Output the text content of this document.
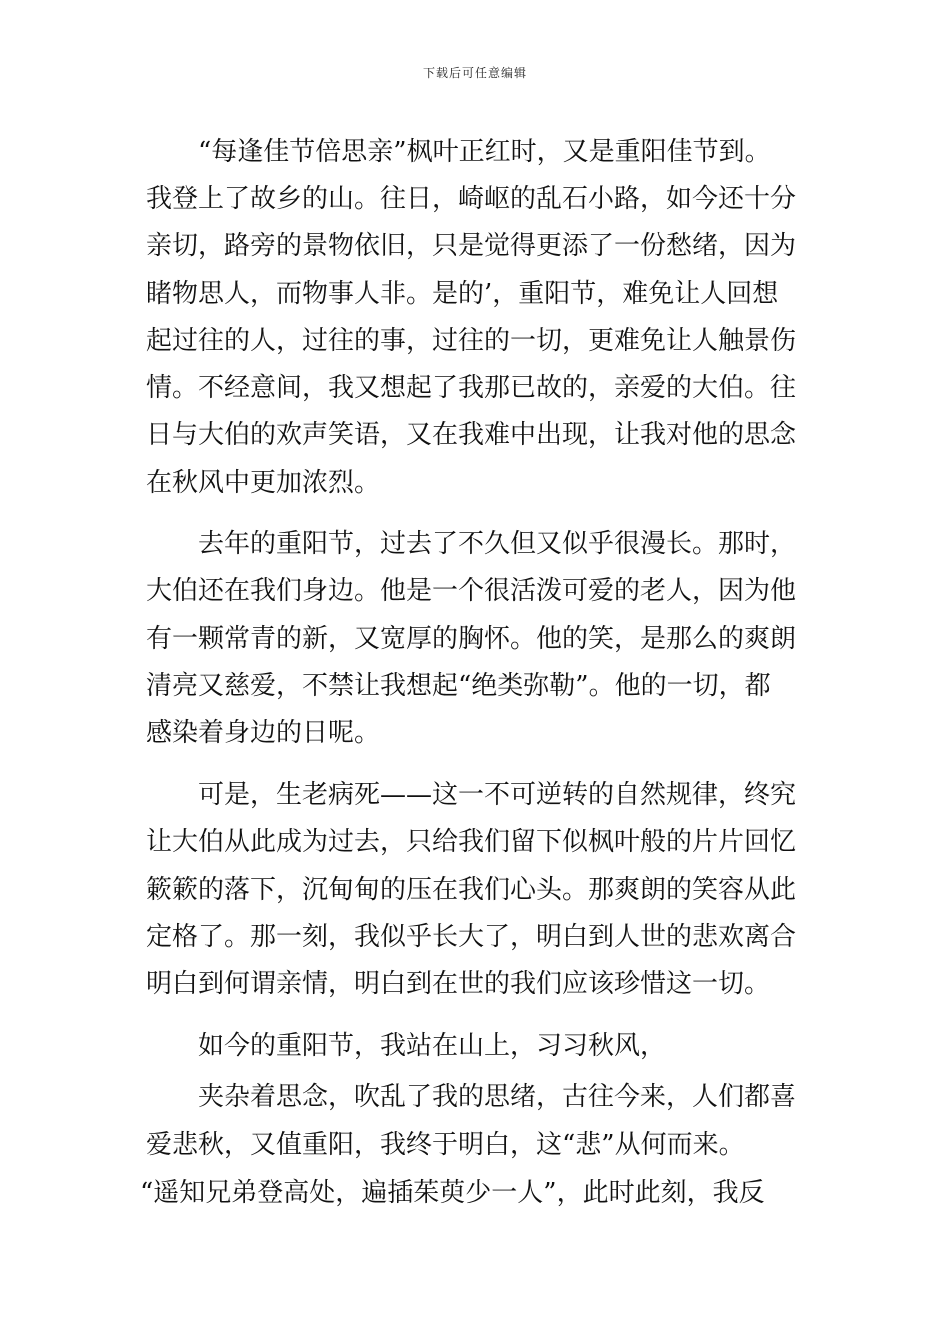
下载后可任意编辑
　　“每逢佳节倍思亲”枫叶正红时，又是重阳佳节到。
我登上了故乡的山。往日，崎岖的乱石小路，如今还十分
亲切，路旁的景物依旧，只是觉得更添了一份愁绪，因为
睹物思人，而物事人非。是的’，重阳节，难免让人回想
起过往的人，过往的事，过往的一切，更难免让人触景伤
情。不经意间，我又想起了我那已故的，亲爱的大伯。往
日与大伯的欢声笑语，又在我难中出现，让我对他的思念
在秋风中更加浓烈。
　　去年的重阳节，过去了不久但又似乎很漫长。那时，
大伯还在我们身边。他是一个很活泼可爱的老人，因为他
有一颗常青的新，又宽厚的胸怀。他的笑，是那么的爽朗
清亮又慈爱，不禁让我想起“绝类弥勒”。他的一切，都
感染着身边的日呢。
　　可是，生老病死——这一不可逆转的自然规律，终究
让大伯从此成为过去，只给我们留下似枫叶般的片片回忆
簌簌的落下，沉甸甸的压在我们心头。那爽朗的笑容从此
定格了。那一刻，我似乎长大了，明白到人世的悲欢离合
明白到何谓亲情，明白到在世的我们应该珍惜这一切。
　　如今的重阳节，我站在山上，习习秋风，
　　夹杂着思念，吹乱了我的思绪，古往今来，人们都喜
爱悲秋，又值重阳，我终于明白，这“悲”从何而来。
“遥知兄弟登高处，遍插茱萸少一人”，此时此刻，我反
